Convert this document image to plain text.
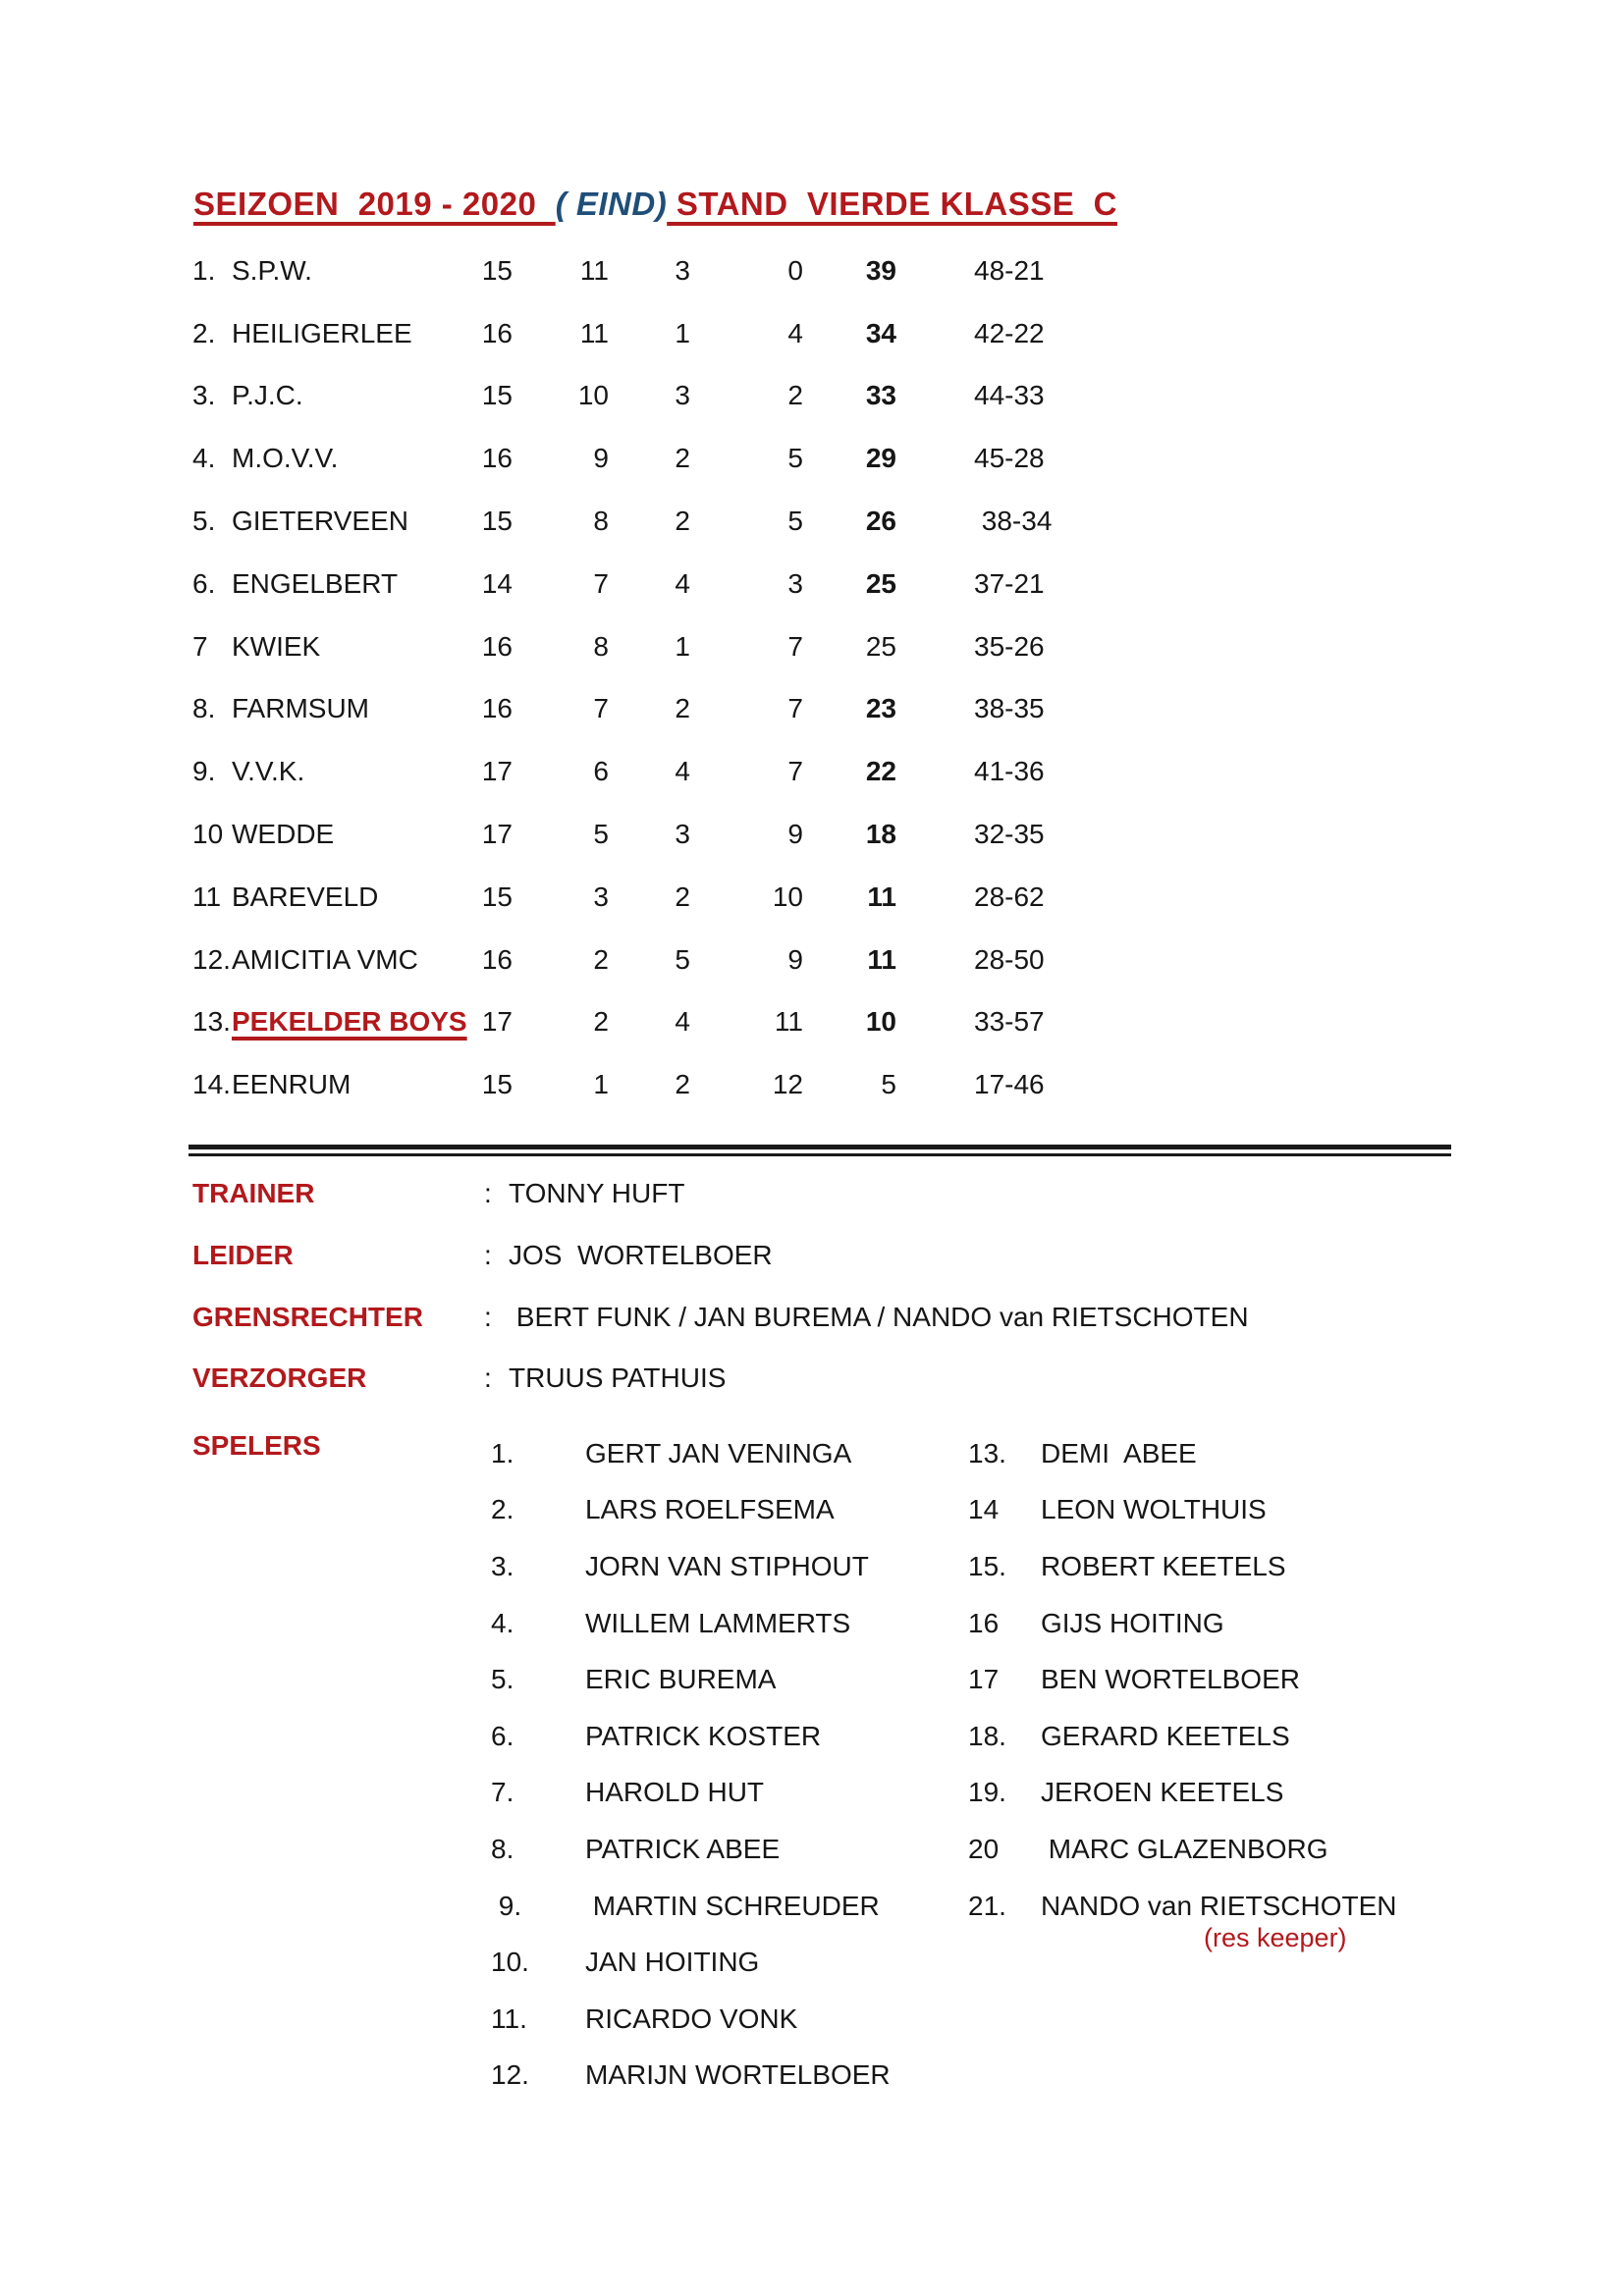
SEIZOEN  2019 - 2020  ( EIND) STAND  VIERDE KLASSE  C
1. S.P.W.	15	11	3	0	39	48-21
2. HEILIGERLEE	16	11	1	4	34	42-22
3. P.J.C.	15	10	3	2	33	44-33
4. M.O.V.V.	16	9	2	5	29	45-28
5. GIETERVEEN	15	8	2	5	26	38-34
6. ENGELBERT	14	7	4	3	25	37-21
7 KWIEK	16	8	1	7	25	35-26
8. FARMSUM	16	7	2	7	23	38-35
9. V.V.K.	17	6	4	7	22	41-36
10 WEDDE	17	5	3	9	18	32-35
11 BAREVELD	15	3	2	10	11	28-62
12. AMICITIA VMC	16	2	5	9	11	28-50
13. PEKELDER BOYS 17	2	4	11	10	33-57
14. EENRUM	15	1	2	12	5	17-46
TRAINER	: TONNY HUFT
LEIDER	: JOS  WORTELBOER
GRENSRECHTER	: BERT FUNK / JAN BUREMA / NANDO van RIETSCHOTEN
VERZORGER	: TRUUS PATHUIS
SPELERS	1.	GERT JAN VENINGA
2.	LARS ROELFSEMA
3.	JORN VAN STIPHOUT
4.	WILLEM LAMMERTS
5.	ERIC BUREMA
6.	PATRICK KOSTER
7.	HAROLD HUT
8.	PATRICK ABEE
9.	MARTIN SCHREUDER
10.	JAN HOITING
11.	RICARDO VONK
12.	MARIJN WORTELBOER
13.	DEMI  ABEE
14	LEON WOLTHUIS
15.	ROBERT KEETELS
16	GIJS HOITING
17	BEN WORTELBOER
18.	GERARD KEETELS
19.	JEROEN KEETELS
20	MARC GLAZENBORG
21.	NANDO van RIETSCHOTEN
(res keeper)
